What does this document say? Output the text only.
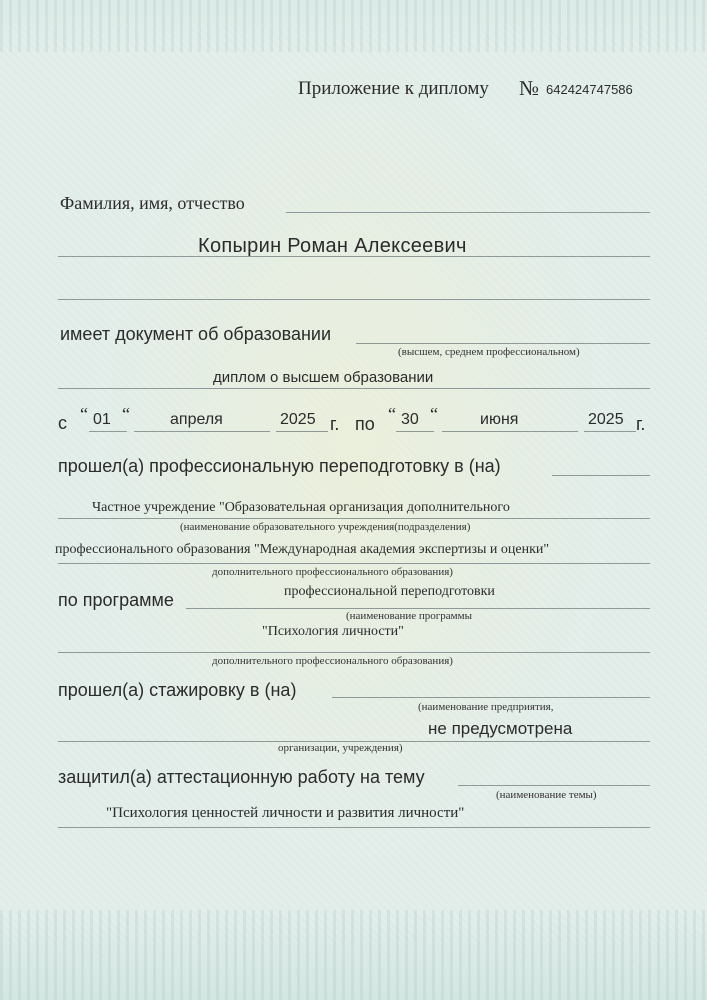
Приложение к диплому № 642424747586
Фамилия, имя, отчество
Копырин Роман Алексеевич
имеет документ об образовании
(высшем, среднем профессиональном)
диплом о высшем образовании
с “ 01 “	апреля	2025 г. по “ 30 “	июня	2025 г.
прошел(а) профессиональную переподготовку в (на)
Частное учреждение "Образовательная организация дополнительного
(наименование образовательного учреждения(подразделения)
профессионального образования "Международная академия экспертизы и оценки"
дополнительного профессионального образования)
по программе	профессиональной переподготовки
(наименование программы
"Психология личности"
дополнительного профессионального образования)
прошел(а) стажировку в (на)
(наименование предприятия,
не предусмотрена
организации, учреждения)
защитил(а) аттестационную работу на тему
(наименование темы)
"Психология ценностей личности и развития личности"
